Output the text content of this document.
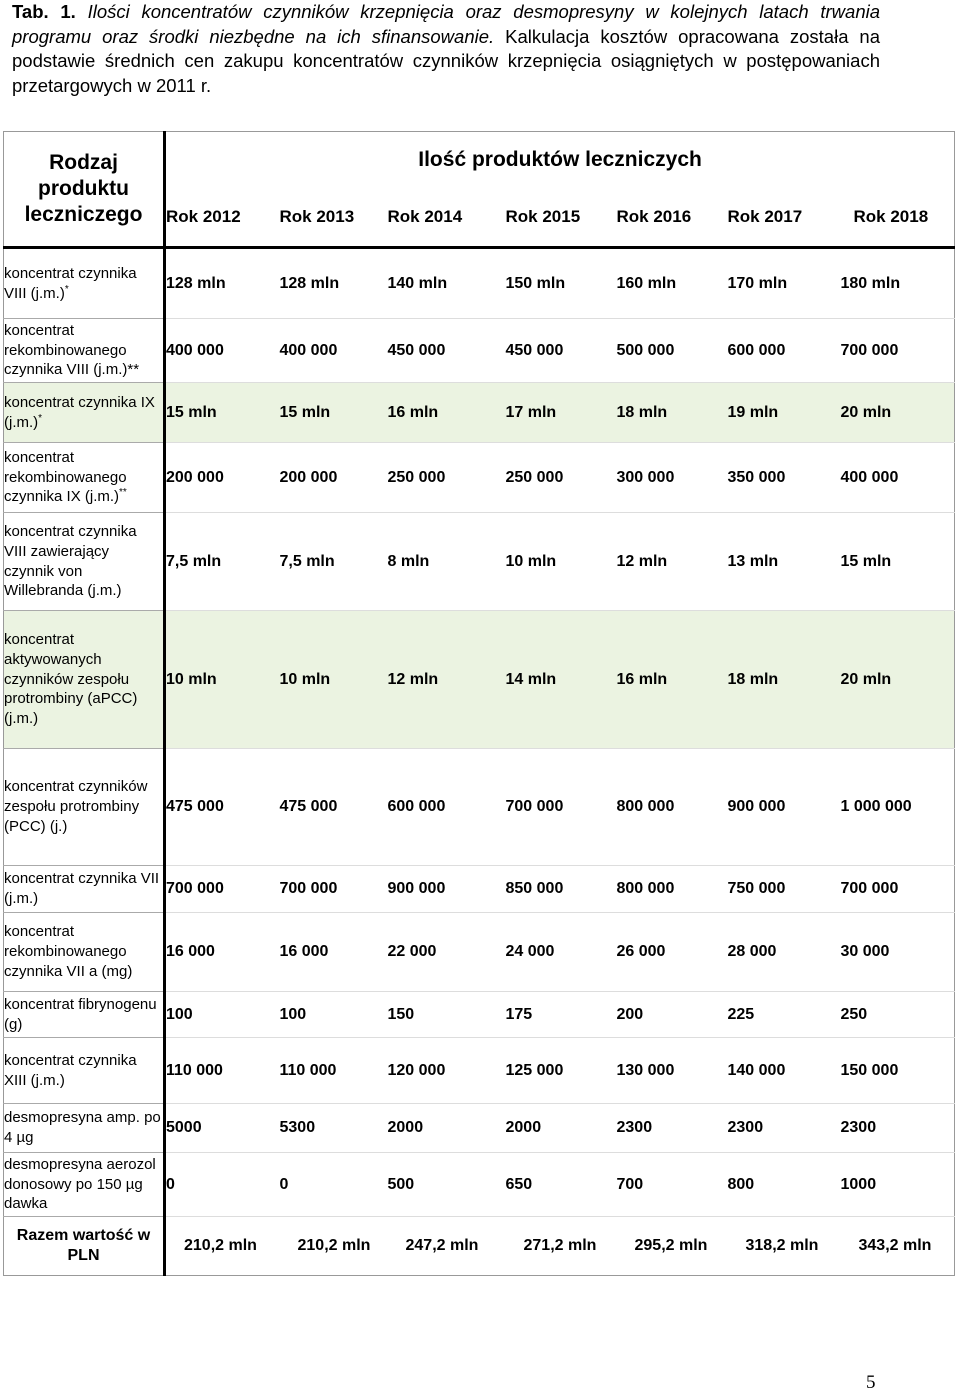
Tab. 1. Ilości koncentratów czynników krzepnięcia oraz desmopresyny w kolejnych latach trwania programu oraz środki niezbędne na ich sfinansowanie. Kalkulacja kosztów opracowana została na podstawie średnich cen zakupu koncentratów czynników krzepnięcia osiągniętych w postępowaniach przetargowych w 2011 r.
Rodzaj produktu leczniczego	Ilość produktów leczniczych						
	Rok 2012	Rok 2013	Rok 2014	Rok 2015	Rok 2016	Rok 2017	Rok 2018
koncentrat czynnika VIII (j.m.)*	128 mln	128 mln	140 mln	150 mln	160 mln	170 mln	180 mln
koncentrat rekombinowanego czynnika VIII (j.m.)**	400 000	400 000	450 000	450 000	500 000	600 000	700 000
koncentrat czynnika IX (j.m.)*	15 mln	15 mln	16 mln	17 mln	18 mln	19 mln	20 mln
koncentrat rekombinowanego czynnika IX (j.m.)**	200 000	200 000	250 000	250 000	300 000	350 000	400 000
koncentrat czynnika VIII zawierający czynnik von Willebranda (j.m.)	7,5 mln	7,5 mln	8 mln	10 mln	12 mln	13 mln	15 mln
koncentrat aktywowanych czynników zespołu protrombiny (aPCC) (j.m.)	10 mln	10 mln	12 mln	14 mln	16 mln	18 mln	20 mln
koncentrat czynników zespołu protrombiny (PCC) (j.)	475 000	475 000	600 000	700 000	800 000	900 000	1 000 000
koncentrat czynnika VII (j.m.)	700 000	700 000	900 000	850 000	800 000	750 000	700 000
koncentrat rekombinowanego czynnika VII a (mg)	16 000	16 000	22 000	24 000	26 000	28 000	30 000
koncentrat fibrynogenu (g)	100	100	150	175	200	225	250
koncentrat czynnika XIII (j.m.)	110 000	110 000	120 000	125 000	130 000	140 000	150 000
desmopresyna amp. po 4 µg	5000	5300	2000	2000	2300	2300	2300
desmopresyna aerozol donosowy po 150 µg dawka	0	0	500	650	700	800	1000
Razem wartość w PLN	210,2 mln	210,2 mln	247,2 mln	271,2 mln	295,2 mln	318,2 mln	343,2 mln
5
